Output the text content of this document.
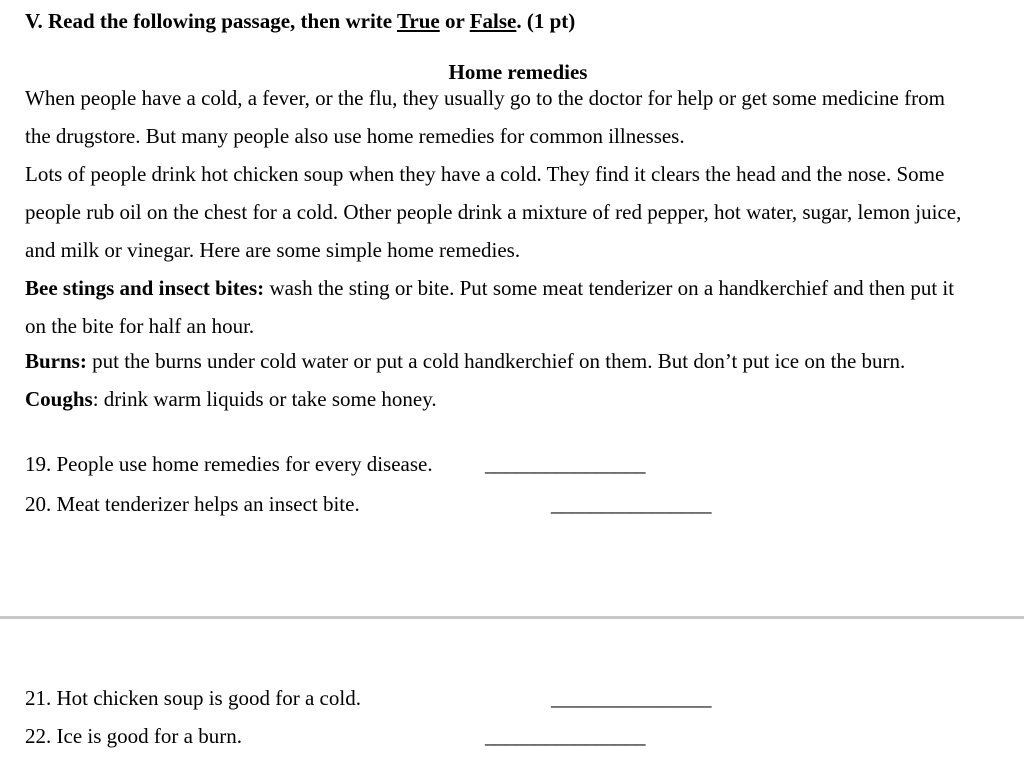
V. Read the following passage, then write True or False. (1 pt)
Home remedies
When people have a cold, a fever, or the flu, they usually go to the doctor for help or get some medicine from
the drugstore. But many people also use home remedies for common illnesses.
Lots of people drink hot chicken soup when they have a cold. They find it clears the head and the nose. Some
people rub oil on the chest for a cold. Other people drink a mixture of red pepper, hot water, sugar, lemon juice,
and milk or vinegar. Here are some simple home remedies.
Bee stings and insect bites: wash the sting or bite. Put some meat tenderizer on a handkerchief and then put it
on the bite for half an hour.
Burns: put the burns under cold water or put a cold handkerchief on them. But don’t put ice on the burn.
Coughs: drink warm liquids or take some honey.
19. People use home remedies for every disease. ________________
20. Meat tenderizer helps an insect bite.	________________
21. Hot chicken soup is good for a cold.	________________
22. Ice is good for a burn.	________________
